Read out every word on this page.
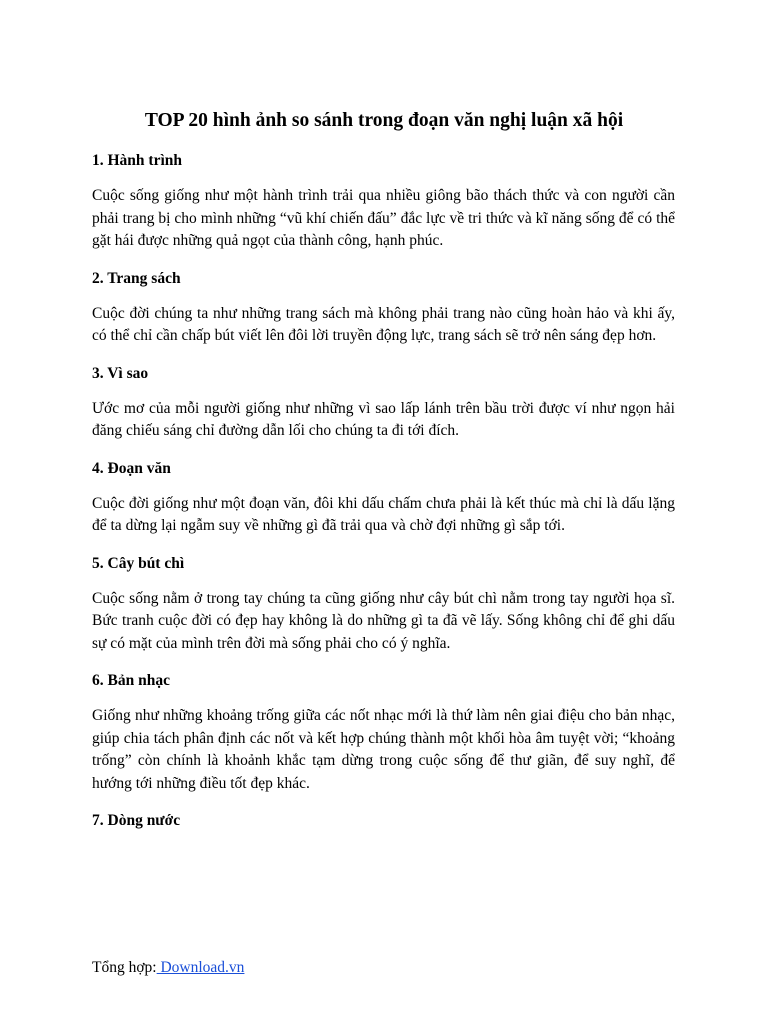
TOP 20 hình ảnh so sánh trong đoạn văn nghị luận xã hội

1. Hành trình

Cuộc sống giống như một hành trình trải qua nhiều giông bão thách thức và con người cần phải trang bị cho mình những “vũ khí chiến đấu” đắc lực về tri thức và kĩ năng sống để có thể gặt hái được những quả ngọt của thành công, hạnh phúc.

2. Trang sách

Cuộc đời chúng ta như những trang sách mà không phải trang nào cũng hoàn hảo và khi ấy, có thể chỉ cần chấp bút viết lên đôi lời truyền động lực, trang sách sẽ trở nên sáng đẹp hơn.

3. Vì sao

Ước mơ của mỗi người giống như những vì sao lấp lánh trên bầu trời được ví như ngọn hải đăng chiếu sáng chỉ đường dẫn lối cho chúng ta đi tới đích.

4. Đoạn văn

Cuộc đời giống như một đoạn văn, đôi khi dấu chấm chưa phải là kết thúc mà chỉ là dấu lặng để ta dừng lại ngẫm suy về những gì đã trải qua và chờ đợi những gì sắp tới.

5. Cây bút chì

Cuộc sống nằm ở trong tay chúng ta cũng giống như cây bút chì nằm trong tay người họa sĩ. Bức tranh cuộc đời có đẹp hay không là do những gì ta đã vẽ lấy. Sống không chỉ để ghi dấu sự có mặt của mình trên đời mà sống phải cho có ý nghĩa.

6. Bản nhạc

Giống như những khoảng trống giữa các nốt nhạc mới là thứ làm nên giai điệu cho bản nhạc, giúp chia tách phân định các nốt và kết hợp chúng thành một khối hòa âm tuyệt vời; “khoảng trống” còn chính là khoảnh khắc tạm dừng trong cuộc sống để thư giãn, để suy nghĩ, để hướng tới những điều tốt đẹp khác.

7. Dòng nước

Tổng hợp: Download.vn
